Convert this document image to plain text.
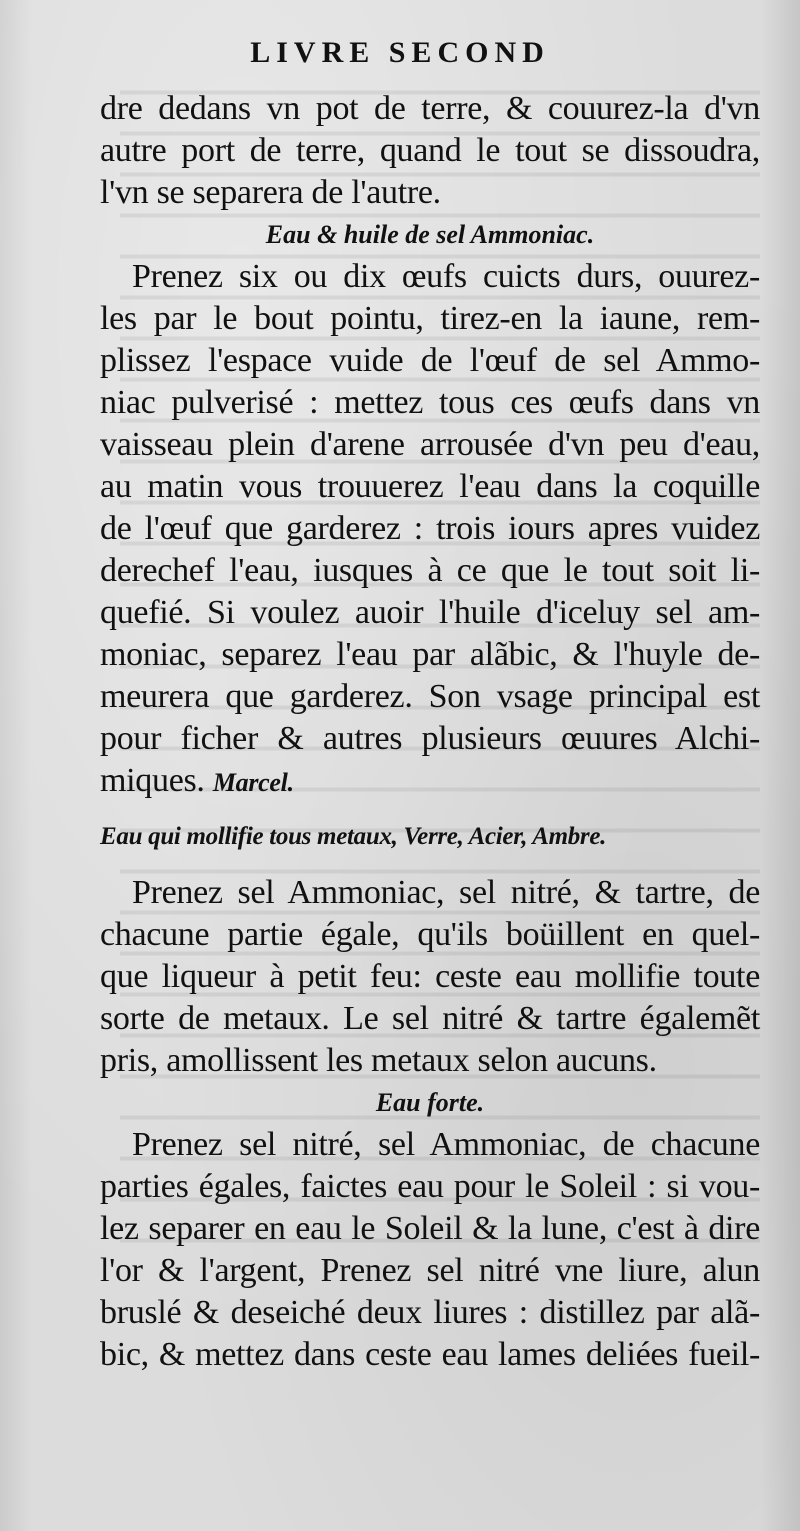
LIVRE SECOND
dre dedans vn pot de terre, & couurez-la d'vn
autre port de terre, quand le tout se dissoudra,
l'vn se separera de l'autre.
Eau & huile de sel Ammoniac.
Prenez six ou dix œufs cuicts durs, ouurez-
les par le bout pointu, tirez-en la iaune, rem-
plissez l'espace vuide de l'œuf de sel Ammo-
niac pulverisé : mettez tous ces œufs dans vn
vaisseau plein d'arene arrousée d'vn peu d'eau,
au matin vous trouuerez l'eau dans la coquille
de l'œuf que garderez : trois iours apres vuidez
derechef l'eau, iusques à ce que le tout soit li-
quefié. Si voulez auoir l'huile d'iceluy sel am-
moniac, separez l'eau par alãbic, & l'huyle de-
meurera que garderez. Son vsage principal est
pour ficher & autres plusieurs œuures Alchi-
miques. Marcel.
Eau qui mollifie tous metaux, Verre, Acier, Ambre.
Prenez sel Ammoniac, sel nitré, & tartre, de
chacune partie égale, qu'ils boüillent en quel-
que liqueur à petit feu: ceste eau mollifie toute
sorte de metaux. Le sel nitré & tartre égalemẽt
pris, amollissent les metaux selon aucuns.
Eau forte.
Prenez sel nitré, sel Ammoniac, de chacune
parties égales, faictes eau pour le Soleil : si vou-
lez separer en eau le Soleil & la lune, c'est à dire
l'or & l'argent, Prenez sel nitré vne liure, alun
bruslé & deseiché deux liures : distillez par alã-
bic, & mettez dans ceste eau lames deliées fueil-
